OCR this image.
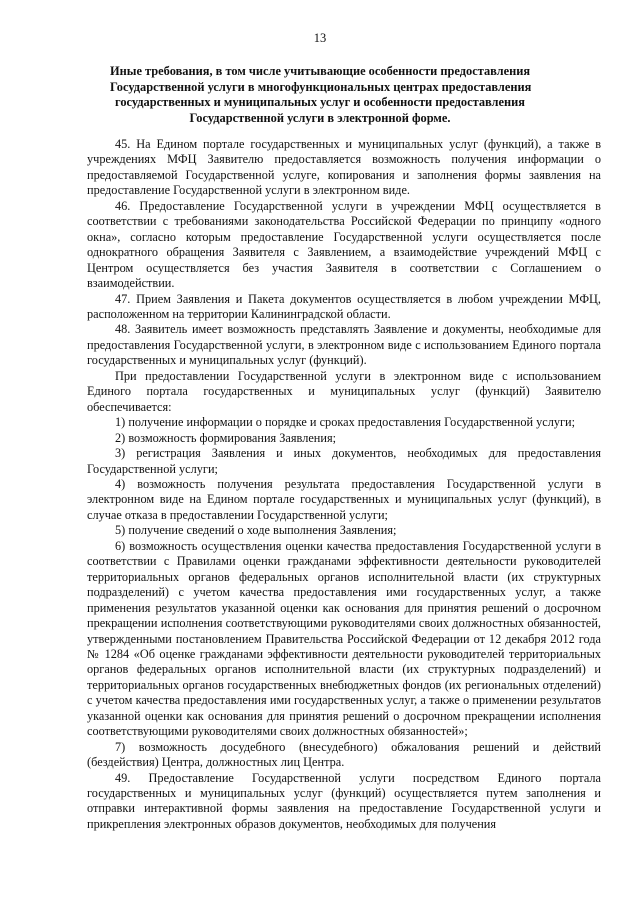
13
Иные требования, в том числе учитывающие особенности предоставления
Государственной услуги в многофункциональных центрах предоставления
государственных и муниципальных услуг и особенности предоставления
Государственной услуги в электронной форме.

45. На Едином портале государственных и муниципальных услуг (функций), а также в учреждениях МФЦ Заявителю предоставляется возможность получения информации о предоставляемой Государственной услуге, копирования и заполнения формы заявления на предоставление Государственной услуги в электронном виде.

46. Предоставление Государственной услуги в учреждении МФЦ осуществляется в соответствии с требованиями законодательства Российской Федерации по принципу «одного окна», согласно которым предоставление Государственной услуги осуществляется после однократного обращения Заявителя с Заявлением, а взаимодействие учреждений МФЦ с Центром осуществляется без участия Заявителя в соответствии с Соглашением о взаимодействии.

47. Прием Заявления и Пакета документов осуществляется в любом учреждении МФЦ, расположенном на территории Калининградской области.

48. Заявитель имеет возможность представлять Заявление и документы, необходимые для предоставления Государственной услуги, в электронном виде с использованием Единого портала государственных и муниципальных услуг (функций).

При предоставлении Государственной услуги в электронном виде с использованием Единого портала государственных и муниципальных услуг (функций) Заявителю обеспечивается:

1) получение информации о порядке и сроках предоставления Государственной услуги;

2) возможность формирования Заявления;

3) регистрация Заявления и иных документов, необходимых для предоставления Государственной услуги;

4) возможность получения результата предоставления Государственной услуги в электронном виде на Едином портале государственных и муниципальных услуг (функций), в случае отказа в предоставлении Государственной услуги;

5) получение сведений о ходе выполнения Заявления;

6) возможность осуществления оценки качества предоставления Государственной услуги в соответствии с Правилами оценки гражданами эффективности деятельности руководителей территориальных органов федеральных органов исполнительной власти (их структурных подразделений) с учетом качества предоставления ими государственных услуг, а также применения результатов указанной оценки как основания для принятия решений о досрочном прекращении исполнения соответствующими руководителями своих должностных обязанностей, утвержденными постановлением Правительства Российской Федерации от 12 декабря 2012 года № 1284 «Об оценке гражданами эффективности деятельности руководителей территориальных органов федеральных органов исполнительной власти (их структурных подразделений) и территориальных органов государственных внебюджетных фондов (их региональных отделений) с учетом качества предоставления ими государственных услуг, а также о применении результатов указанной оценки как основания для принятия решений о досрочном прекращении исполнения соответствующими руководителями своих должностных обязанностей»;

7) возможность досудебного (внесудебного) обжалования решений и действий (бездействия) Центра, должностных лиц Центра.

49. Предоставление Государственной услуги посредством Единого портала государственных и муниципальных услуг (функций) осуществляется путем заполнения и отправки интерактивной формы заявления на предоставление Государственной услуги и прикрепления электронных образов документов, необходимых для получения
